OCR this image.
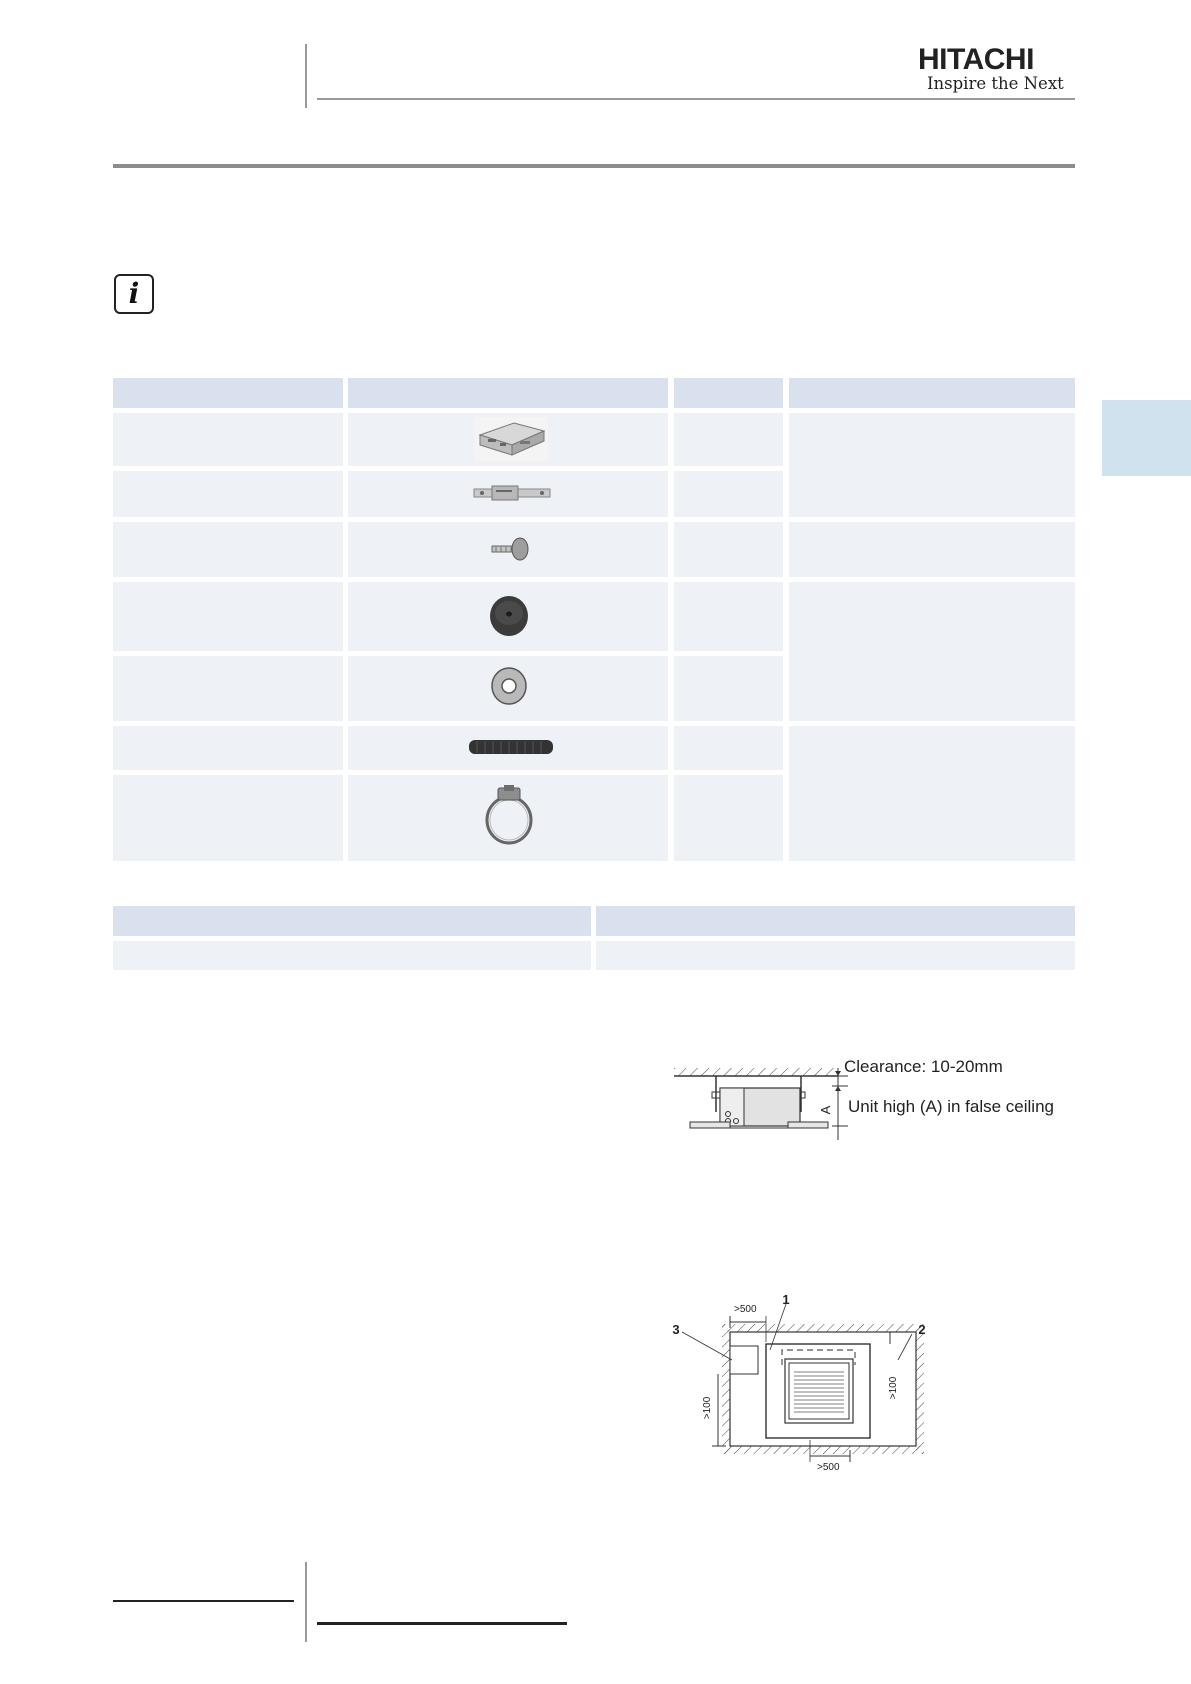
HITACHI
Inspire the Next
i
A
Clearance: 10-20mm
Unit high (A) in false ceiling
>500
>500
>100
>100
1
2
3
